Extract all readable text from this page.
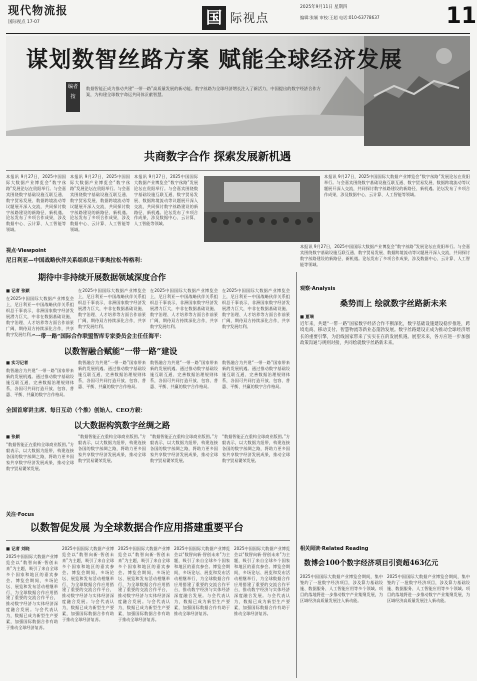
现代物流报
国际视点 17-07	国 际视点
2025年9月11日 星期四
编辑:张颖 审校:王超 电话:010-63778637	11
谋划数智丝路方案 赋能全球经济发展
编者按
数据智能正成为推动共建“一带一路”高质量发展的新动能。数字丝路为全球经济增长注入了新活力，中国提出的数字经济合作方案，为构建全球数字命运共同体贡献智慧。
共商数字合作 探索发展新机遇
本报讯 9月27日，2025中国国际大数据产业博览会“数字丝路”发展论坛在贵阳举行。与会嘉宾围绕数字基础设施互联互通、数字贸易发展、数据跨境流动等议题展开深入交流，共同探讨数字丝路建设的新路径、新机遇。论坛发布了多项合作成果，涉及数据中心、云计算、人工智能等领域。
本报讯 9月27日，2025中国国际大数据产业博览会“数字丝路”发展论坛在贵阳举行。与会嘉宾围绕数字基础设施互联互通、数字贸易发展、数据跨境流动等议题展开深入交流，共同探讨数字丝路建设的新路径、新机遇。论坛发布了多项合作成果，涉及数据中心、云计算、人工智能等领域。
本报讯 9月27日，2025中国国际大数据产业博览会“数字丝路”发展论坛在贵阳举行。与会嘉宾围绕数字基础设施互联互通、数字贸易发展、数据跨境流动等议题展开深入交流，共同探讨数字丝路建设的新路径、新机遇。论坛发布了多项合作成果，涉及数据中心、云计算、人工智能等领域。
本报讯 9月27日，2025中国国际大数据产业博览会“数字丝路”发展论坛在贵阳举行。与会嘉宾围绕数字基础设施互联互通、数字贸易发展、数据跨境流动等议题展开深入交流，共同探讨数字丝路建设的新路径、新机遇。论坛发布了多项合作成果，涉及数据中心、云计算、人工智能等领域。
视点·Viewpoint
尼日利亚—中国战略伙伴关系组织总干事奥拉松·特格利：
期待中非持续开展数据领域深度合作
■ 记者 张颖
在2025中国国际大数据产业博览会上，尼日利亚—中国战略伙伴关系组织总干事表示，非洲国家数字经济发展潜力巨大，中非在数据基础设施、数字治理、人才培养等方面合作前景广阔，期待双方持续深化合作，共享数字发展红利。
在2025中国国际大数据产业博览会上，尼日利亚—中国战略伙伴关系组织总干事表示，非洲国家数字经济发展潜力巨大，中非在数据基础设施、数字治理、人才培养等方面合作前景广阔，期待双方持续深化合作，共享数字发展红利。
在2025中国国际大数据产业博览会上，尼日利亚—中国战略伙伴关系组织总干事表示，非洲国家数字经济发展潜力巨大，中非在数据基础设施、数字治理、人才培养等方面合作前景广阔，期待双方持续深化合作，共享数字发展红利。
在2025中国国际大数据产业博览会上，尼日利亚—中国战略伙伴关系组织总干事表示，非洲国家数字经济发展潜力巨大，中非在数据基础设施、数字治理、人才培养等方面合作前景广阔，期待双方持续深化合作，共享数字发展红利。
“一带一路”国际合作联盟智库专家委员会主任任海平：
以数智融合赋能“一带一路”建设
■ 实习记者
数智融合为共建“一带一路”国家带来新的发展机遇。通过推动数字基础设施互联互通、完善数据治理规则体系，各国可共同打造开放、包容、普惠、平衡、共赢的数字合作格局。
数智融合为共建“一带一路”国家带来新的发展机遇。通过推动数字基础设施互联互通、完善数据治理规则体系，各国可共同打造开放、包容、普惠、平衡、共赢的数字合作格局。
数智融合为共建“一带一路”国家带来新的发展机遇。通过推动数字基础设施互联互通、完善数据治理规则体系，各国可共同打造开放、包容、普惠、平衡、共赢的数字合作格局。
数智融合为共建“一带一路”国家带来新的发展机遇。通过推动数字基础设施互联互通、完善数据治理规则体系，各国可共同打造开放、包容、普惠、平衡、共赢的数字合作格局。
全国首席讲主席、每日互动（个推）创始人、CEO方毅：
以大数据构筑数字丝绸之路
■ 张颖
“数据智能正在重构全球商业版图。”方毅表示，以大数据为纽带，构建连接各国的数字丝绸之路，将助力更多国家共享数字经济发展成果，推动全球数字贸易繁荣发展。
“数据智能正在重构全球商业版图。”方毅表示，以大数据为纽带，构建连接各国的数字丝绸之路，将助力更多国家共享数字经济发展成果，推动全球数字贸易繁荣发展。
“数据智能正在重构全球商业版图。”方毅表示，以大数据为纽带，构建连接各国的数字丝绸之路，将助力更多国家共享数字经济发展成果，推动全球数字贸易繁荣发展。
“数据智能正在重构全球商业版图。”方毅表示，以大数据为纽带，构建连接各国的数字丝绸之路，将助力更多国家共享数字经济发展成果，推动全球数字贸易繁荣发展。
关注·Focus
以数智促发展 为全球数据合作应用搭建重要平台
■ 记者 刘晓
2025中国国际大数据产业博览会以“数智向新·智创未来”为主题，吸引了来自全球多个国家和地区的嘉宾参会。博览会期间，多场论坛、展览和发布活动相继举行，为全球数据合作应用搭建了重要的交流合作平台，推动数字经济与实体经济深度融合发展。与会代表认为，数据已成为新型生产要素，加强国际数据合作有助于推动全球经济复苏。
2025中国国际大数据产业博览会以“数智向新·智创未来”为主题，吸引了来自全球多个国家和地区的嘉宾参会。博览会期间，多场论坛、展览和发布活动相继举行，为全球数据合作应用搭建了重要的交流合作平台，推动数字经济与实体经济深度融合发展。与会代表认为，数据已成为新型生产要素，加强国际数据合作有助于推动全球经济复苏。
2025中国国际大数据产业博览会以“数智向新·智创未来”为主题，吸引了来自全球多个国家和地区的嘉宾参会。博览会期间，多场论坛、展览和发布活动相继举行，为全球数据合作应用搭建了重要的交流合作平台，推动数字经济与实体经济深度融合发展。与会代表认为，数据已成为新型生产要素，加强国际数据合作有助于推动全球经济复苏。
2025中国国际大数据产业博览会以“数智向新·智创未来”为主题，吸引了来自全球多个国家和地区的嘉宾参会。博览会期间，多场论坛、展览和发布活动相继举行，为全球数据合作应用搭建了重要的交流合作平台，推动数字经济与实体经济深度融合发展。与会代表认为，数据已成为新型生产要素，加强国际数据合作有助于推动全球经济复苏。
2025中国国际大数据产业博览会以“数智向新·智创未来”为主题，吸引了来自全球多个国家和地区的嘉宾参会。博览会期间，多场论坛、展览和发布活动相继举行，为全球数据合作应用搭建了重要的交流合作平台，推动数字经济与实体经济深度融合发展。与会代表认为，数据已成为新型生产要素，加强国际数据合作有助于推动全球经济复苏。
本报讯 9月27日，2025中国国际大数据产业博览会“数字丝路”发展论坛在贵阳举行。与会嘉宾围绕数字基础设施互联互通、数字贸易发展、数据跨境流动等议题展开深入交流，共同探讨数字丝路建设的新路径、新机遇。论坛发布了多项合作成果，涉及数据中心、云计算、人工智能等领域。
观察·Analysis
桑势而上 绘就数字丝路新未来
■ 夏瑞
近年来，共建“一带一路”国家数字经济合作不断深化，数字基础设施建设稳步推进，跨境电商、移动支付、智慧物流等新业态蓬勃发展。数字丝路建设正成为推动全球经济增长的重要引擎，为沿线国家带来了实实在在的发展机遇。展望未来，各方应进一步加强政策沟通与规则对接，共同绘就数字丝路新未来。
相关阅读·Related Reading
数博会100个数字经济项目引资超463亿元
2025中国国际大数据产业博览会期间，集中签约了一批数字经济项目，涉及算力基础设施、数据服务、人工智能应用等多个领域。项目的落地将进一步推动数字产业集聚发展，为区域经济高质量发展注入新动能。
2025中国国际大数据产业博览会期间，集中签约了一批数字经济项目，涉及算力基础设施、数据服务、人工智能应用等多个领域。项目的落地将进一步推动数字产业集聚发展，为区域经济高质量发展注入新动能。
